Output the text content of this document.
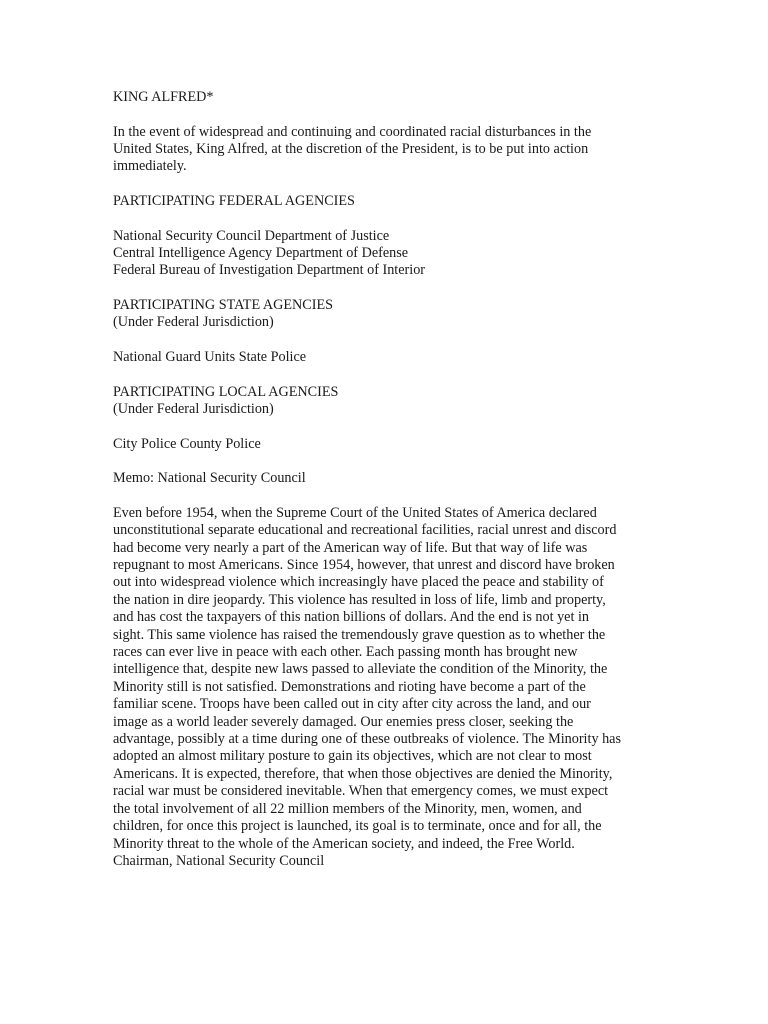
KING ALFRED*
In the event of widespread and continuing and coordinated racial disturbances in the
United States, King Alfred, at the discretion of the President, is to be put into action
immediately.
PARTICIPATING FEDERAL AGENCIES
National Security Council Department of Justice
Central Intelligence Agency Department of Defense
Federal Bureau of Investigation Department of Interior
PARTICIPATING STATE AGENCIES
(Under Federal Jurisdiction)
National Guard Units State Police
PARTICIPATING LOCAL AGENCIES
(Under Federal Jurisdiction)
City Police County Police
Memo: National Security Council
Even before 1954, when the Supreme Court of the United States of America declared
unconstitutional separate educational and recreational facilities, racial unrest and discord
had become very nearly a part of the American way of life. But that way of life was
repugnant to most Americans. Since 1954, however, that unrest and discord have broken
out into widespread violence which increasingly have placed the peace and stability of
the nation in dire jeopardy. This violence has resulted in loss of life, limb and property,
and has cost the taxpayers of this nation billions of dollars. And the end is not yet in
sight. This same violence has raised the tremendously grave question as to whether the
races can ever live in peace with each other. Each passing month has brought new
intelligence that, despite new laws passed to alleviate the condition of the Minority, the
Minority still is not satisfied. Demonstrations and rioting have become a part of the
familiar scene. Troops have been called out in city after city across the land, and our
image as a world leader severely damaged. Our enemies press closer, seeking the
advantage, possibly at a time during one of these outbreaks of violence. The Minority has
adopted an almost military posture to gain its objectives, which are not clear to most
Americans. It is expected, therefore, that when those objectives are denied the Minority,
racial war must be considered inevitable. When that emergency comes, we must expect
the total involvement of all 22 million members of the Minority, men, women, and
children, for once this project is launched, its goal is to terminate, once and for all, the
Minority threat to the whole of the American society, and indeed, the Free World.
Chairman, National Security Council
